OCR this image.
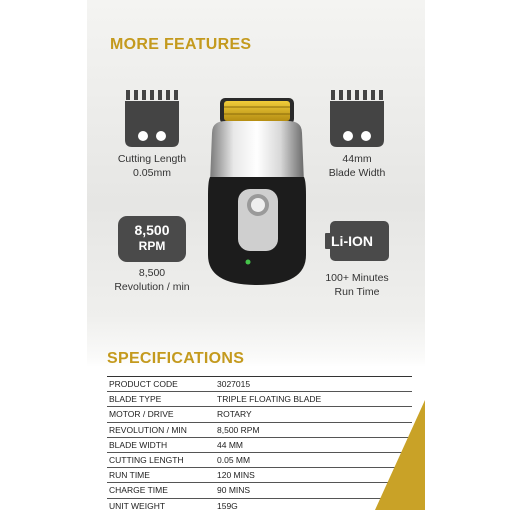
MORE FEATURES
Cutting Length
0.05mm
44mm
Blade Width
8,500
RPM
8,500
Revolution / min
Li-ION
100+ Minutes
Run Time
SPECIFICATIONS
PRODUCT CODE	3027015
BLADE TYPE	TRIPLE FLOATING BLADE
MOTOR / DRIVE	ROTARY
REVOLUTION / MIN	8,500 RPM
BLADE WIDTH	44 MM
CUTTING LENGTH	0.05 MM
RUN TIME	120 MINS
CHARGE TIME	90 MINS
UNIT WEIGHT	159G
